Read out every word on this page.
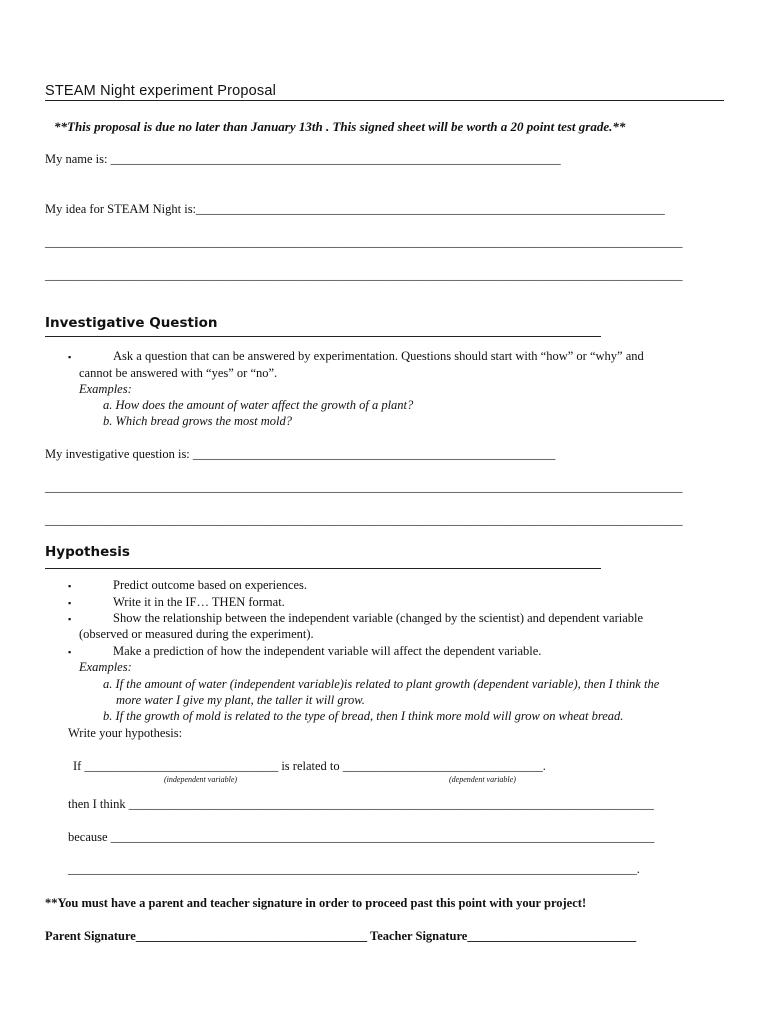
STEAM Night experiment Proposal
**This proposal is due no later than January 13th . This signed sheet will be worth a 20 point test grade.**
My name is: ________________________________________________________________________
My idea for STEAM Night is:___________________________________________________________________________
______________________________________________________________________________________________________
______________________________________________________________________________________________________
Investigative Question
▪	Ask a question that can be answered by experimentation. Questions should start with “how” or “why” and
cannot be answered with “yes” or “no”.
Examples:
a. How does the amount of water affect the growth of a plant?
b. Which bread grows the most mold?
My investigative question is: __________________________________________________________
______________________________________________________________________________________________________
______________________________________________________________________________________________________
Hypothesis
▪	Predict outcome based on experiences.
▪	Write it in the IF… THEN format.
▪	Show the relationship between the independent variable (changed by the scientist) and dependent variable
(observed or measured during the experiment).
▪	Make a prediction of how the independent variable will affect the dependent variable.
Examples:
a. If the amount of water (independent variable)is related to plant growth (dependent variable), then I think the
more water I give my plant, the taller it will grow.
b. If the growth of mold is related to the type of bread, then I think more mold will grow on wheat bread.
Write your hypothesis:
If _______________________________ is related to ________________________________.
(independent variable)	(dependent variable)
then I think ____________________________________________________________________________________
because _______________________________________________________________________________________
___________________________________________________________________________________________.
**You must have a parent and teacher signature in order to proceed past this point with your project!
Parent Signature_____________________________________ Teacher Signature___________________________
